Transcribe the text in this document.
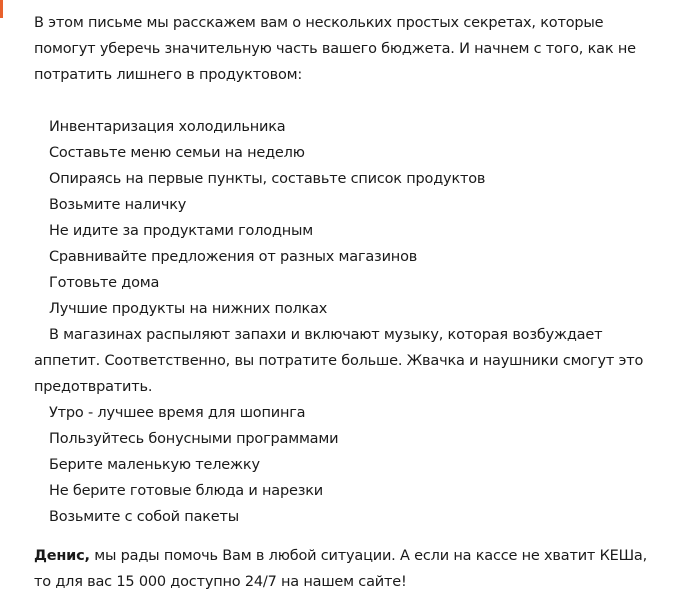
В этом письме мы расскажем вам о нескольких простых секретах, которые помогут уберечь значительную часть вашего бюджета. И начнем с того, как не потратить лишнего в продуктовом:

Инвентаризация холодильника

Составьте меню семьи на неделю

Опираясь на первые пункты, составьте список продуктов

Возьмите наличку

Не идите за продуктами голодным

Сравнивайте предложения от разных магазинов

Готовьте дома

Лучшие продукты на нижних полках

В магазинах распыляют запахи и включают музыку, которая возбуждает аппетит. Соответственно, вы потратите больше. Жвачка и наушники смогут это предотвратить.

Утро - лучшее время для шопинга

Пользуйтесь бонусными программами

Берите маленькую тележку

Не берите готовые блюда и нарезки

Возьмите с собой пакеты

Денис, мы рады помочь Вам в любой ситуации. А если на кассе не хватит КЕШа, то для вас 15 000 доступно 24/7 на нашем сайте!
